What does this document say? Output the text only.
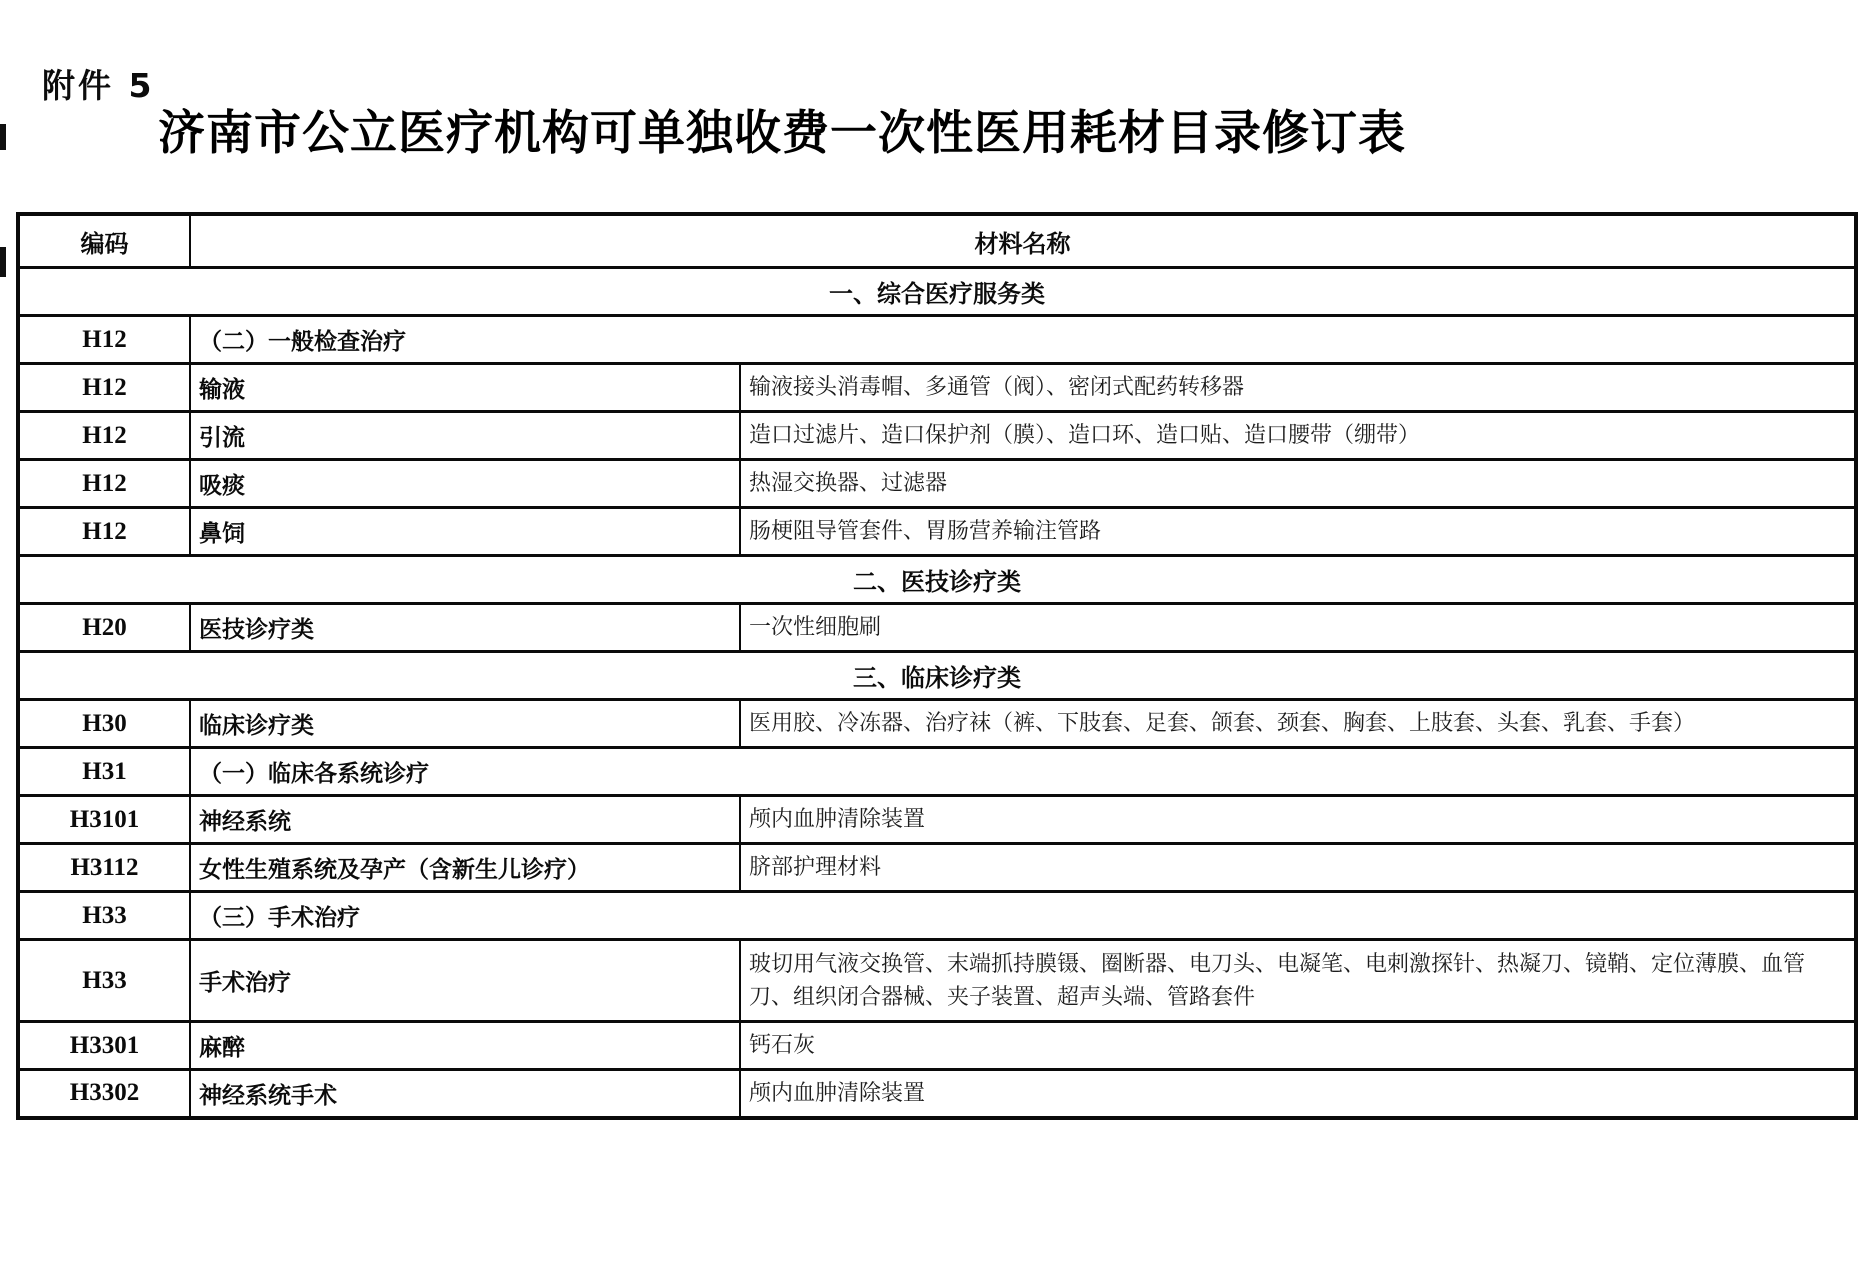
附件 5
济南市公立医疗机构可单独收费一次性医用耗材目录修订表
编码	材料名称	
一、综合医疗服务类		
H12	（二）一般检查治疗	
H12	输液	输液接头消毒帽、多通管（阀）、密闭式配药转移器
H12	引流	造口过滤片、造口保护剂（膜）、造口环、造口贴、造口腰带（绷带）
H12	吸痰	热湿交换器、过滤器
H12	鼻饲	肠梗阻导管套件、胃肠营养输注管路
二、医技诊疗类		
H20	医技诊疗类	一次性细胞刷
三、临床诊疗类		
H30	临床诊疗类	医用胶、冷冻器、治疗袜（裤、下肢套、足套、颌套、颈套、胸套、上肢套、头套、乳套、手套）
H31	（一）临床各系统诊疗	
H3101	神经系统	颅内血肿清除装置
H3112	女性生殖系统及孕产（含新生儿诊疗）	脐部护理材料
H33	（三）手术治疗	
H33	手术治疗	玻切用气液交换管、末端抓持膜镊、圈断器、电刀头、电凝笔、电刺激探针、热凝刀、镜鞘、定位薄膜、血管刀、组织闭合器械、夹子装置、超声头端、管路套件
H3301	麻醉	钙石灰
H3302	神经系统手术	颅内血肿清除装置
